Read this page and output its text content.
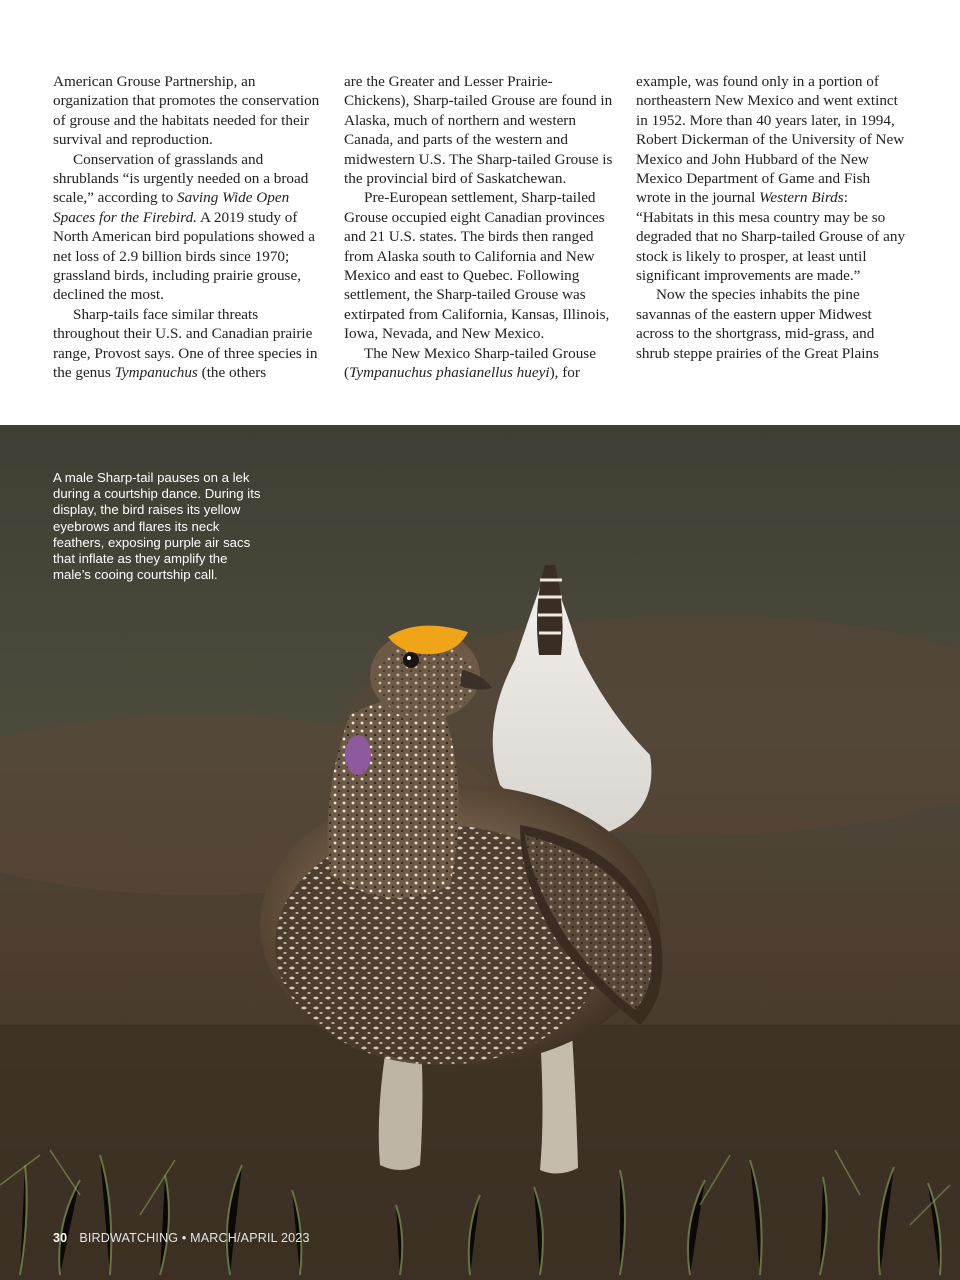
American Grouse Partnership, an organization that promotes the conservation of grouse and the habitats needed for their survival and reproduction.

Conservation of grasslands and shrublands “is urgently needed on a broad scale,” according to Saving Wide Open Spaces for the Firebird. A 2019 study of North American bird populations showed a net loss of 2.9 billion birds since 1970; grassland birds, including prairie grouse, declined the most.

Sharp-tails face similar threats throughout their U.S. and Canadian prairie range, Provost says. One of three species in the genus Tympanuchus (the others

are the Greater and Lesser Prairie-Chickens), Sharp-tailed Grouse are found in Alaska, much of northern and western Canada, and parts of the western and midwestern U.S. The Sharp-tailed Grouse is the provincial bird of Saskatchewan.

Pre-European settlement, Sharp-tailed Grouse occupied eight Canadian provinces and 21 U.S. states. The birds then ranged from Alaska south to California and New Mexico and east to Quebec. Following settlement, the Sharp-tailed Grouse was extirpated from California, Kansas, Illinois, Iowa, Nevada, and New Mexico.

The New Mexico Sharp-tailed Grouse (Tympanuchus phasianellus hueyi), for

example, was found only in a portion of northeastern New Mexico and went extinct in 1952. More than 40 years later, in 1994, Robert Dickerman of the University of New Mexico and John Hubbard of the New Mexico Department of Game and Fish wrote in the journal Western Birds: “Habitats in this mesa country may be so degraded that no Sharp-tailed Grouse of any stock is likely to prosper, at least until significant improvements are made.”

Now the species inhabits the pine savannas of the eastern upper Midwest across to the shortgrass, mid-grass, and shrub steppe prairies of the Great Plains

A male Sharp-tail pauses on a lek during a courtship dance. During its display, the bird raises its yellow eyebrows and flares its neck feathers, exposing purple air sacs that inflate as they amplify the male’s cooing courtship call.
30 BIRDWATCHING • MARCH/APRIL 2023
